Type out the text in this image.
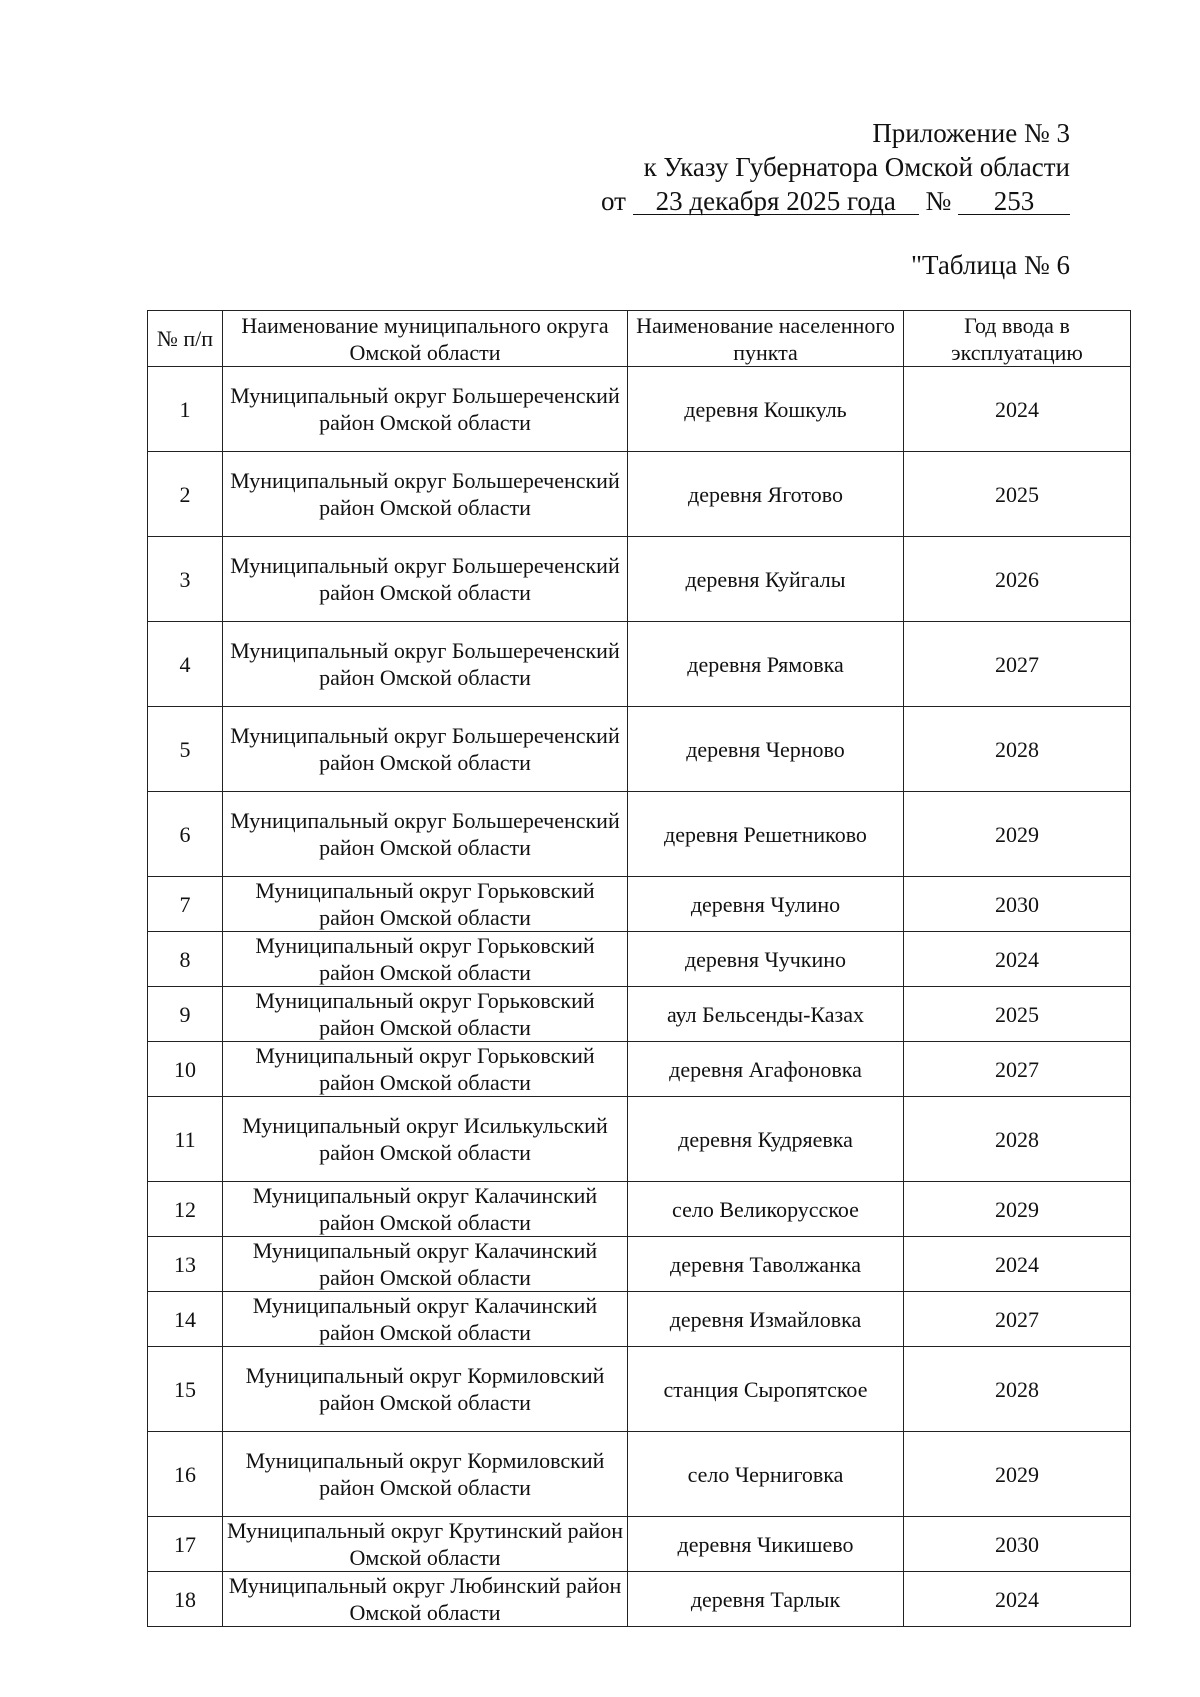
Приложение № 3
к Указу Губернатора Омской области
от 23 декабря 2025 года № 253
"Таблица № 6
№ п/п	Наименование муниципального округа Омской области	Наименование населенного пункта	Год ввода в эксплуатацию
1	Муниципальный округ Большереченский район Омской области	деревня Кошкуль	2024
2	Муниципальный округ Большереченский район Омской области	деревня Яготово	2025
3	Муниципальный округ Большереченский район Омской области	деревня Куйгалы	2026
4	Муниципальный округ Большереченский район Омской области	деревня Рямовка	2027
5	Муниципальный округ Большереченский район Омской области	деревня Черново	2028
6	Муниципальный округ Большереченский район Омской области	деревня Решетниково	2029
7	Муниципальный округ Горьковский район Омской области	деревня Чулино	2030
8	Муниципальный округ Горьковский район Омской области	деревня Чучкино	2024
9	Муниципальный округ Горьковский район Омской области	аул Бельсенды-Казах	2025
10	Муниципальный округ Горьковский район Омской области	деревня Агафоновка	2027
11	Муниципальный округ Исилькульский район Омской области	деревня Кудряевка	2028
12	Муниципальный округ Калачинский район Омской области	село Великорусское	2029
13	Муниципальный округ Калачинский район Омской области	деревня Таволжанка	2024
14	Муниципальный округ Калачинский район Омской области	деревня Измайловка	2027
15	Муниципальный округ Кормиловский район Омской области	станция Сыропятское	2028
16	Муниципальный округ Кормиловский район Омской области	село Черниговка	2029
17	Муниципальный округ Крутинский район Омской области	деревня Чикишево	2030
18	Муниципальный округ Любинский район Омской области	деревня Тарлык	2024
